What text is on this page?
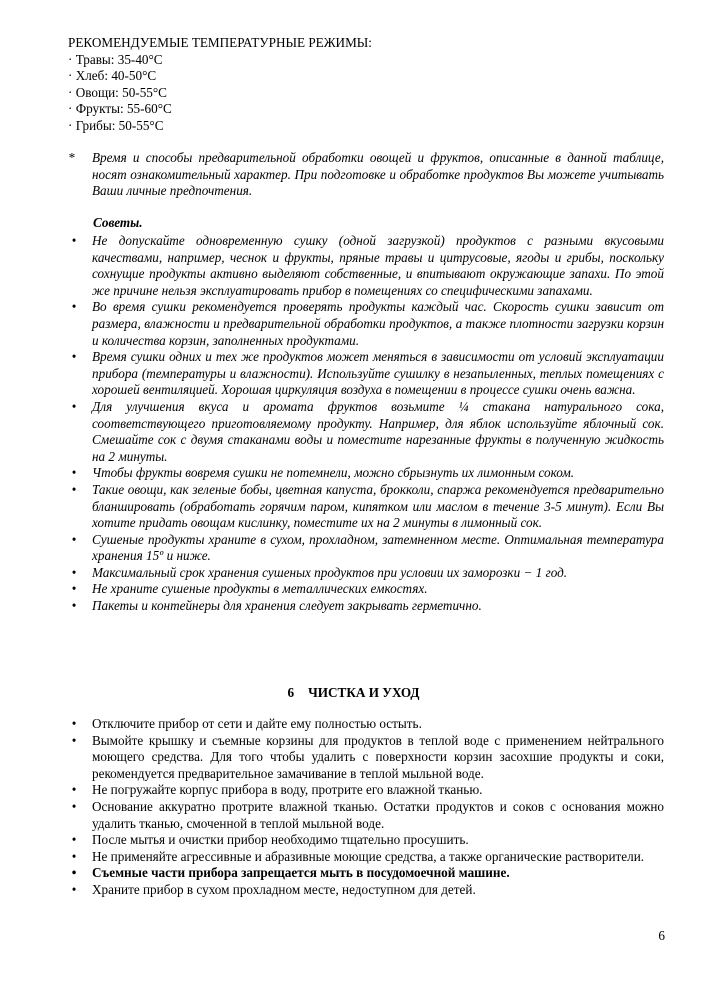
РЕКОМЕНДУЕМЫЕ ТЕМПЕРАТУРНЫЕ РЕЖИМЫ:
· Травы: 35-40°С
· Хлеб: 40-50°С
· Овощи: 50-55°С
· Фрукты: 55-60°С
· Грибы: 50-55°С
* Время и способы предварительной обработки овощей и фруктов, описанные в данной таблице, носят ознакомительный характер. При подготовке и обработке продуктов Вы можете учитывать Ваши личные предпочтения.
Советы.
• Не допускайте одновременную сушку (одной загрузкой) продуктов с разными вкусовыми качествами, например, чеснок и фрукты, пряные травы и цитрусовые, ягоды и грибы, поскольку сохнущие продукты активно выделяют собственные, и впитывают окружающие запахи. По этой же причине нельзя эксплуатировать прибор в помещениях со специфическими запахами.
• Во время сушки рекомендуется проверять продукты каждый час. Скорость сушки зависит от размера, влажности и предварительной обработки продуктов, а также плотности загрузки корзин и количества корзин, заполненных продуктами.
• Время сушки одних и тех же продуктов может меняться в зависимости от условий эксплуатации прибора (температуры и влажности). Используйте сушилку в незапыленных, теплых помещениях с хорошей вентиляцией. Хорошая циркуляция воздуха в помещении в процессе сушки очень важна.
• Для улучшения вкуса и аромата фруктов возьмите ¼ стакана натурального сока, соответствующего приготовляемому продукту. Например, для яблок используйте яблочный сок. Смешайте сок с двумя стаканами воды и поместите нарезанные фрукты в полученную жидкость на 2 минуты.
• Чтобы фрукты вовремя сушки не потемнели, можно сбрызнуть их лимонным соком.
• Такие овощи, как зеленые бобы, цветная капуста, брокколи, спаржа рекомендуется предварительно бланшировать (обработать горячим паром, кипятком или маслом в течение 3-5 минут). Если Вы хотите придать овощам кислинку, поместите их на 2 минуты в лимонный сок.
• Сушеные продукты храните в сухом, прохладном, затемненном месте. Оптимальная температура хранения 15º и ниже.
• Максимальный срок хранения сушеных продуктов при условии их заморозки − 1 год.
• Не храните сушеные продукты в металлических емкостях.
• Пакеты и контейнеры для хранения следует закрывать герметично.
6 ЧИСТКА И УХОД
• Отключите прибор от сети и дайте ему полностью остыть.
• Вымойте крышку и съемные корзины для продуктов в теплой воде с применением нейтрального моющего средства. Для того чтобы удалить с поверхности корзин засохшие продукты и соки, рекомендуется предварительное замачивание в теплой мыльной воде.
• Не погружайте корпус прибора в воду, протрите его влажной тканью.
• Основание аккуратно протрите влажной тканью. Остатки продуктов и соков с основания можно удалить тканью, смоченной в теплой мыльной воде.
• После мытья и очистки прибор необходимо тщательно просушить.
• Не применяйте агрессивные и абразивные моющие средства, а также органические растворители.
• Съемные части прибора запрещается мыть в посудомоечной машине.
• Храните прибор в сухом прохладном месте, недоступном для детей.
6
